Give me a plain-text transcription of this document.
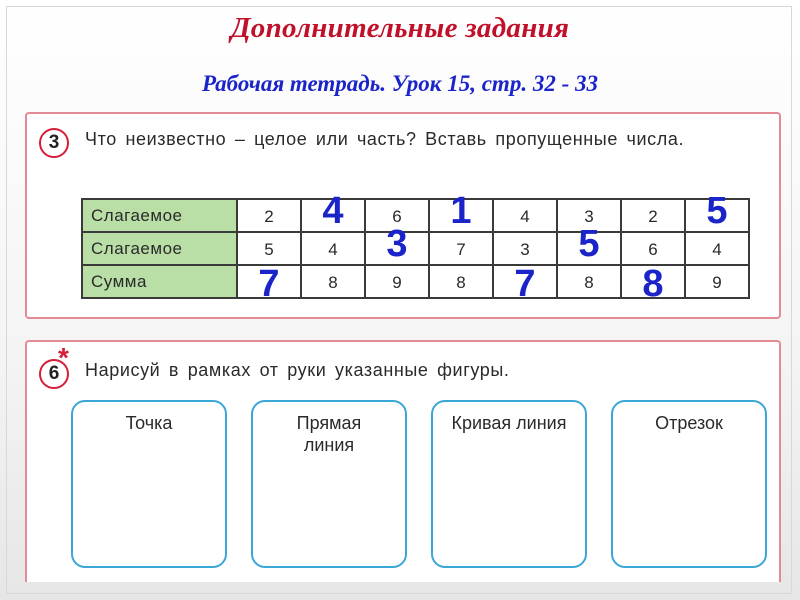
Дополнительные задания
Рабочая тетрадь. Урок 15, стр. 32 - 33
3	Что неизвестно – целое или часть? Вставь пропущенные числа.
Слагаемое	2	4	6	1	4	3	2	5

Слагаемое	5	4	3	7	3	5	6	4
Сумма	7	8	9	8	7	8	8	9
6
* Нарисуй в рамках от руки указанные фигуры.
Точка	Прямая линия
Кривая линия	Отрезок
